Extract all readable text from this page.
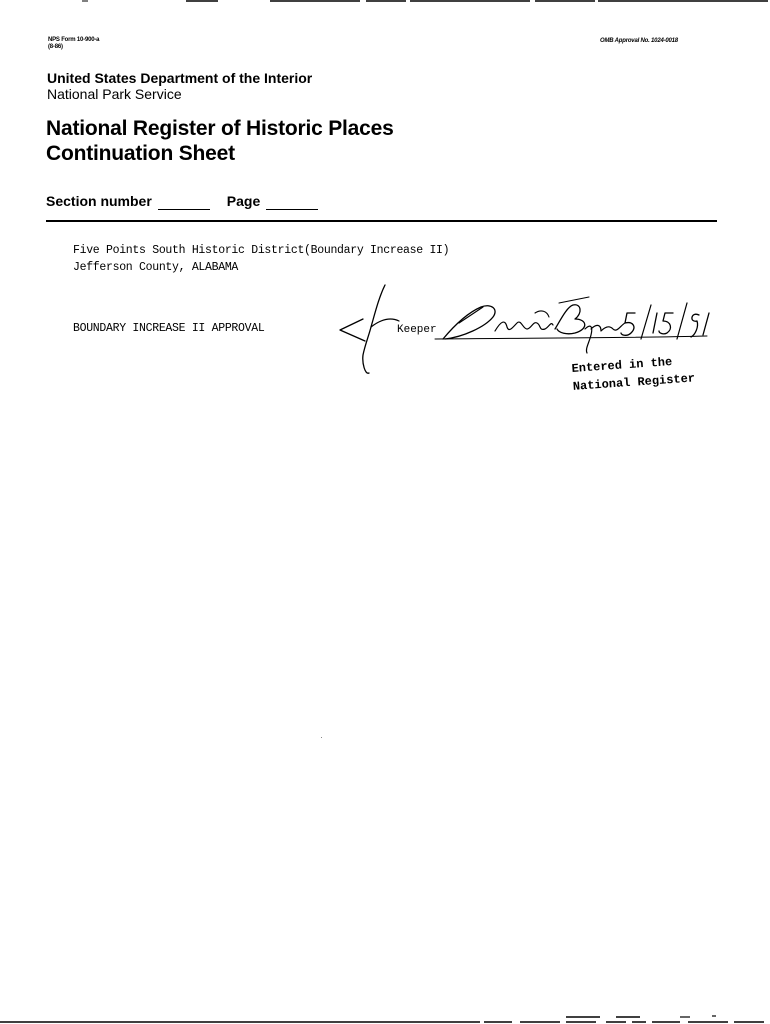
NPS Form 10-900-a
(8-86)
OMB Approval No. 1024-0018
United States Department of the Interior
National Park Service
National Register of Historic Places
Continuation Sheet
Section number	Page
Five Points South Historic District(Boundary Increase II)
Jefferson County, ALABAMA
BOUNDARY INCREASE II APPROVAL	Keeper
Entered in the
National Register
